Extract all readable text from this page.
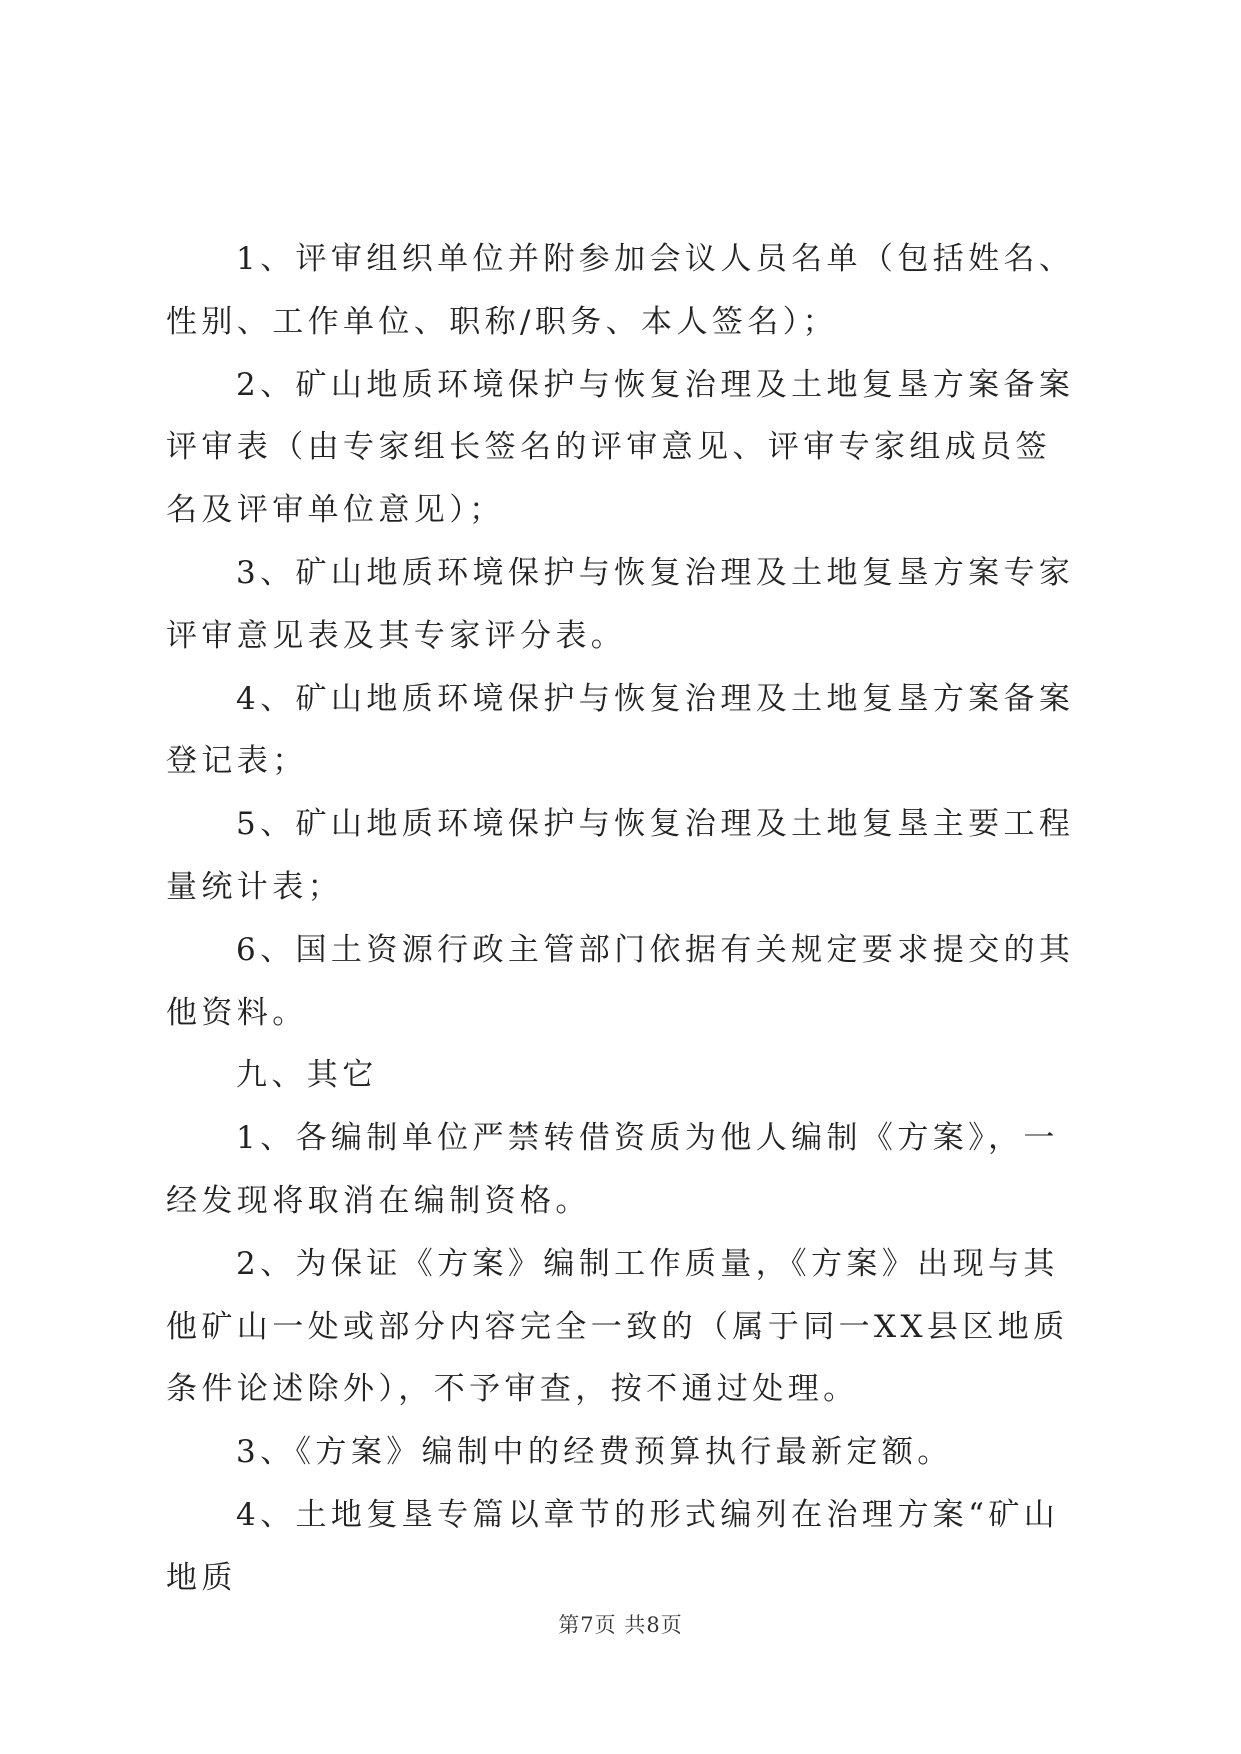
1、评审组织单位并附参加会议人员名单（包括姓名、性别、工作单位、职称/职务、本人签名）；

2、矿山地质环境保护与恢复治理及土地复垦方案备案评审表（由专家组长签名的评审意见、评审专家组成员签名及评审单位意见）；

3、矿山地质环境保护与恢复治理及土地复垦方案专家评审意见表及其专家评分表。

4、矿山地质环境保护与恢复治理及土地复垦方案备案登记表；

5、矿山地质环境保护与恢复治理及土地复垦主要工程量统计表；

6、国土资源行政主管部门依据有关规定要求提交的其他资料。

九、其它

1、各编制单位严禁转借资质为他人编制《方案》，一经发现将取消在编制资格。

2、为保证《方案》编制工作质量，《方案》出现与其他矿山一处或部分内容完全一致的（属于同一XX县区地质条件论述除外），不予审查，按不通过处理。

3、《方案》编制中的经费预算执行最新定额。

4、土地复垦专篇以章节的形式编列在治理方案“矿山地质

第7页 共8页
